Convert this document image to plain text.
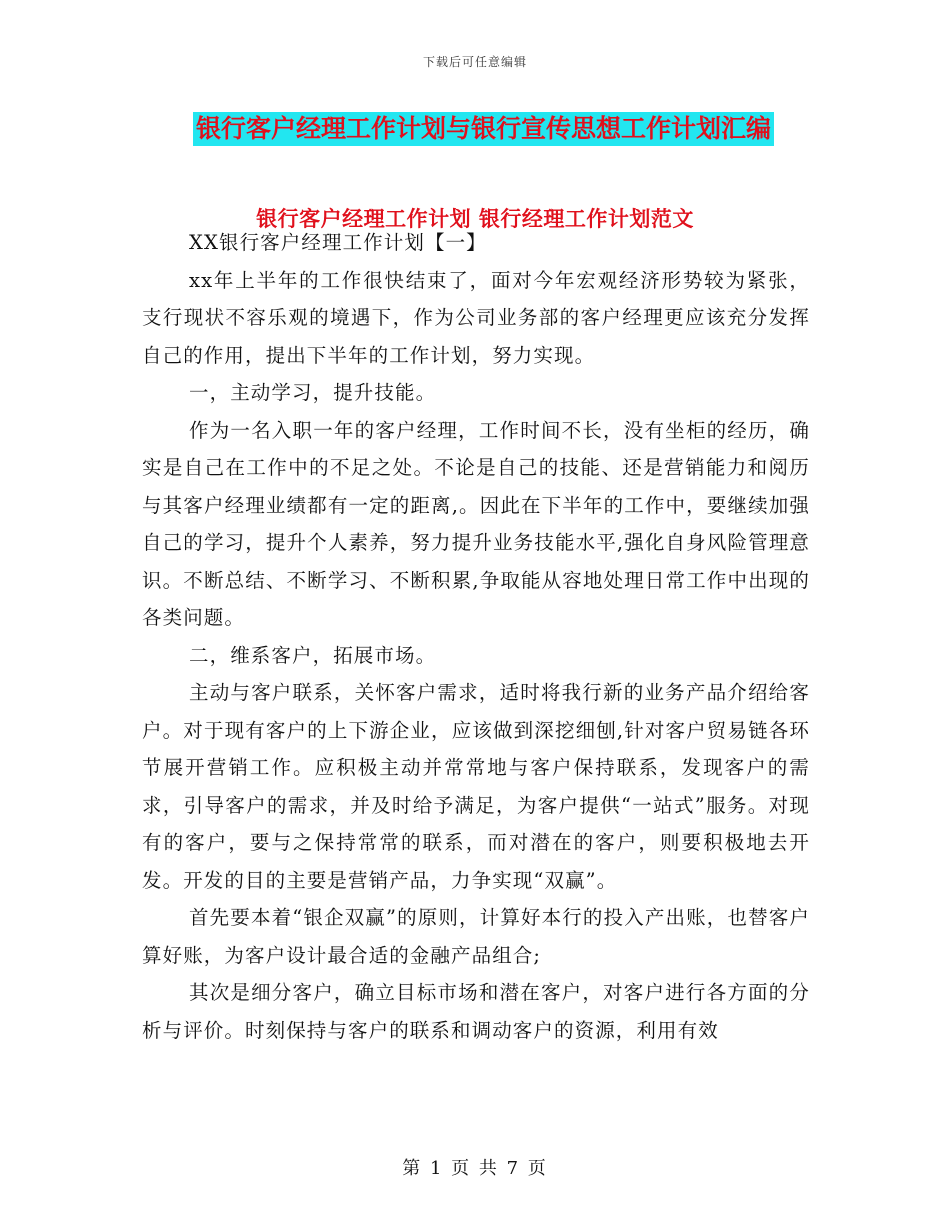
下载后可任意编辑
银行客户经理工作计划与银行宣传思想工作计划汇编
银行客户经理工作计划 银行经理工作计划范文

XX银行客户经理工作计划【一】

xx年上半年的工作很快结束了，面对今年宏观经济形势较为紧张，支行现状不容乐观的境遇下，作为公司业务部的客户经理更应该充分发挥自己的作用，提出下半年的工作计划，努力实现。

一，主动学习，提升技能。

作为一名入职一年的客户经理，工作时间不长，没有坐柜的经历，确实是自己在工作中的不足之处。不论是自己的技能、还是营销能力和阅历与其客户经理业绩都有一定的距离,。因此在下半年的工作中，要继续加强自己的学习，提升个人素养，努力提升业务技能水平,强化自身风险管理意识。不断总结、不断学习、不断积累,争取能从容地处理日常工作中出现的各类问题。

二，维系客户，拓展市场。

主动与客户联系，关怀客户需求，适时将我行新的业务产品介绍给客户。对于现有客户的上下游企业，应该做到深挖细刨,针对客户贸易链各环节展开营销工作。应积极主动并常常地与客户保持联系，发现客户的需求，引导客户的需求，并及时给予满足，为客户提供“一站式”服务。对现有的客户，要与之保持常常的联系，而对潜在的客户，则要积极地去开发。开发的目的主要是营销产品，力争实现“双赢”。

首先要本着“银企双赢”的原则，计算好本行的投入产出账，也替客户算好账，为客户设计最合适的金融产品组合;

其次是细分客户，确立目标市场和潜在客户，对客户进行各方面的分析与评价。时刻保持与客户的联系和调动客户的资源，利用有效

第 1 页 共 7 页
